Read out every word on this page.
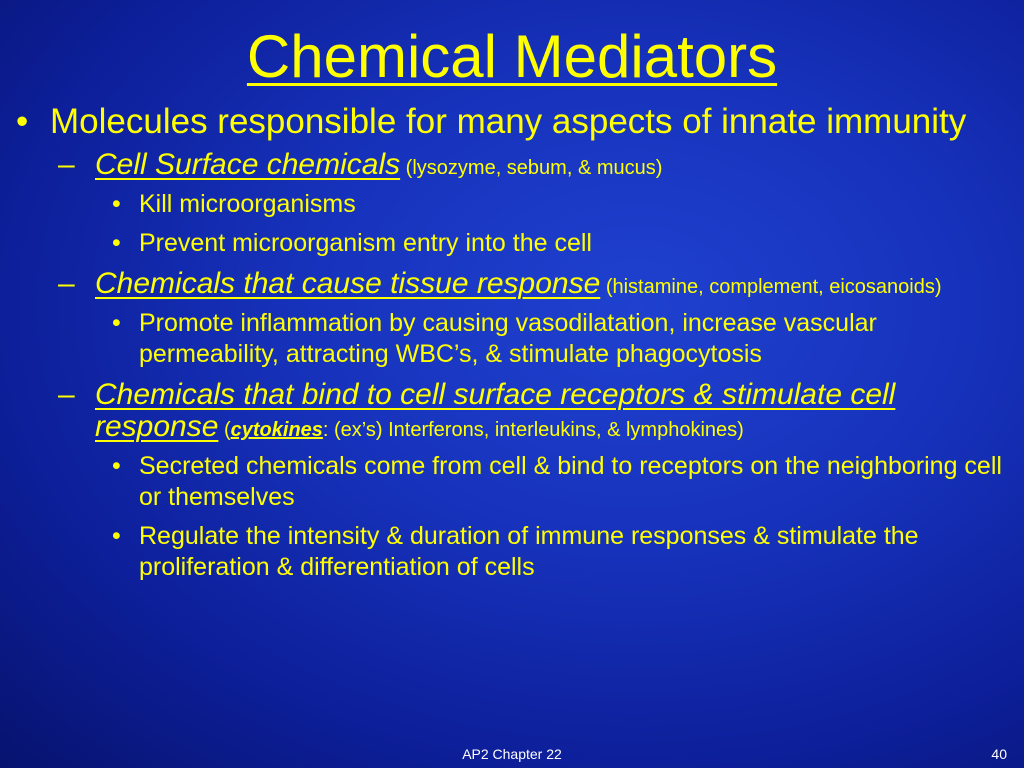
Chemical Mediators
• Molecules responsible for many aspects of innate immunity
– Cell Surface chemicals (lysozyme, sebum, & mucus)
• Kill microorganisms
• Prevent microorganism entry into the cell
– Chemicals that cause tissue response (histamine, complement, eicosanoids)
• Promote inflammation by causing vasodilatation, increase vascular permeability, attracting WBC’s, & stimulate phagocytosis
– Chemicals that bind to cell surface receptors & stimulate cell response (cytokines: (ex’s) Interferons, interleukins, & lymphokines)
• Secreted chemicals come from cell & bind to receptors on the neighboring cell or themselves
• Regulate the intensity & duration of immune responses & stimulate the proliferation & differentiation of cells
AP2 Chapter 22	40
